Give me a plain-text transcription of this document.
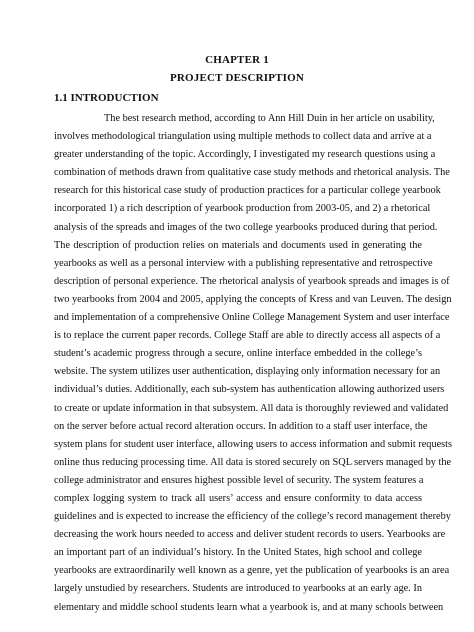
CHAPTER 1
PROJECT DESCRIPTION
1.1 INTRODUCTION
The best research method, according to Ann Hill Duin in her article on usability,
involves methodological triangulation using multiple methods to collect data and arrive at a
greater understanding of the topic. Accordingly, I investigated my research questions using a
combination of methods drawn from qualitative case study methods and rhetorical analysis. The
research for this historical case study of production practices for a particular college yearbook
incorporated 1) a rich description of yearbook production from 2003-05, and 2) a rhetorical
analysis of the spreads and images of the two college yearbooks produced during that period.
The description of production relies on materials and documents used in generating the
yearbooks as well as a personal interview with a publishing representative and retrospective
description of personal experience. The rhetorical analysis of yearbook spreads and images is of
two yearbooks from 2004 and 2005, applying the concepts of Kress and van Leuven. The design
and implementation of a comprehensive Online College Management System and user interface
is to replace the current paper records. College Staff are able to directly access all aspects of a
student’s academic progress through a secure, online interface embedded in the college’s
website. The system utilizes user authentication, displaying only information necessary for an
individual’s duties. Additionally, each sub-system has authentication allowing authorized users
to create or update information in that subsystem. All data is thoroughly reviewed and validated
on the server before actual record alteration occurs. In addition to a staff user interface, the
system plans for student user interface, allowing users to access information and submit requests
online thus reducing processing time. All data is stored securely on SQL servers managed by the
college administrator and ensures highest possible level of security. The system features a
complex logging system to track all users’ access and ensure conformity to data access
guidelines and is expected to increase the efficiency of the college’s record management thereby
decreasing the work hours needed to access and deliver student records to users. Yearbooks are
an important part of an individual’s history. In the United States, high school and college
yearbooks are extraordinarily well known as a genre, yet the publication of yearbooks is an area
largely unstudied by researchers. Students are introduced to yearbooks at an early age. In
elementary and middle school students learn what a yearbook is, and at many schools between
